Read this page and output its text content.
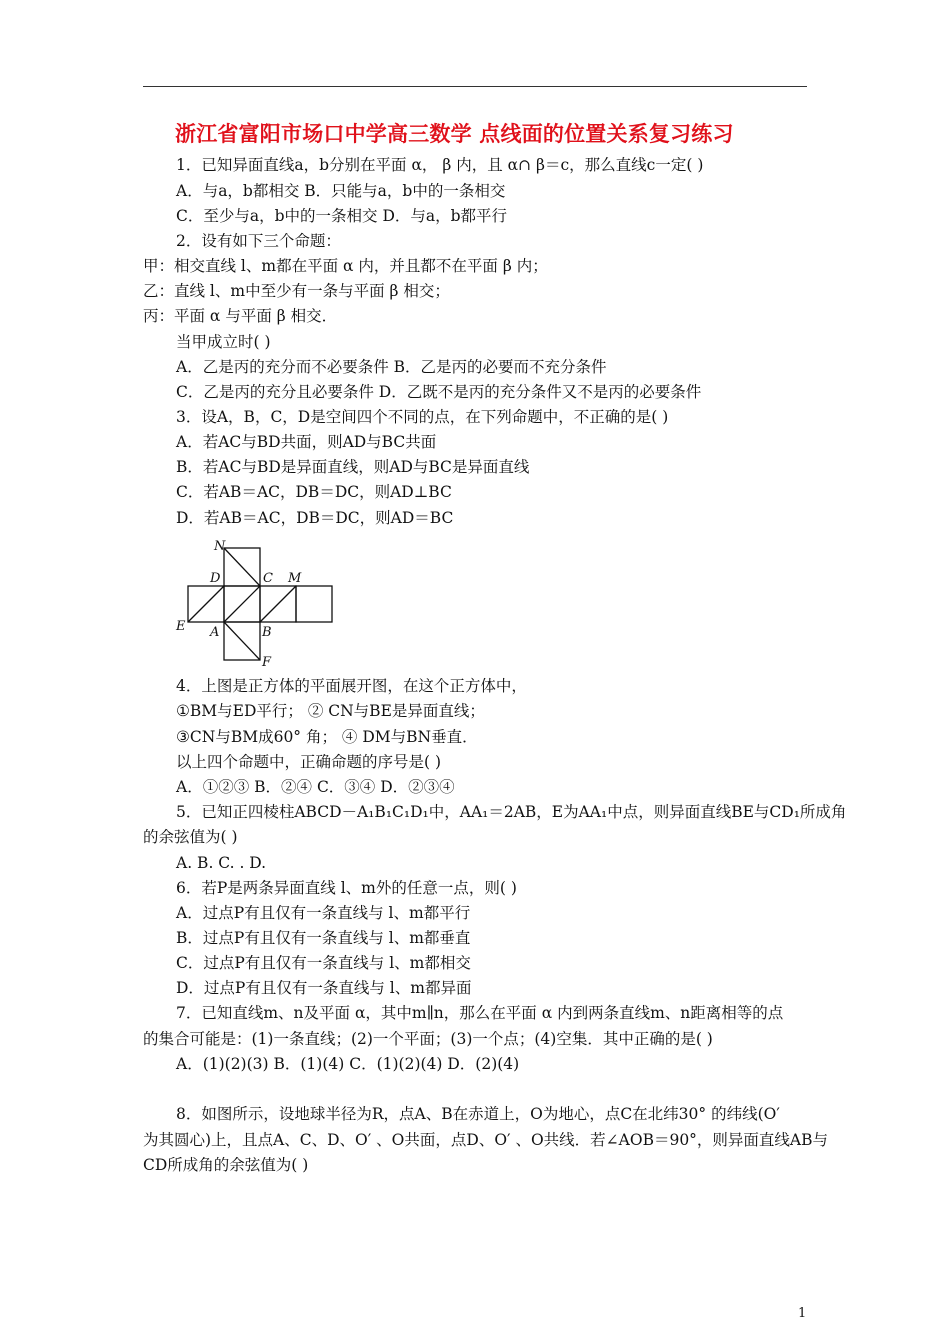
浙江省富阳市场口中学高三数学 点线面的位置关系复习练习
1．已知异面直线a，b分别在平面 α， β 内，且 α∩ β＝c，那么直线c一定( )
A．与a，b都相交 B．只能与a，b中的一条相交
C．至少与a，b中的一条相交 D．与a，b都平行
2．设有如下三个命题：
甲：相交直线 l、m都在平面 α 内，并且都不在平面 β 内；
乙：直线 l、m中至少有一条与平面 β 相交；
丙：平面 α 与平面 β 相交．
当甲成立时( )
A．乙是丙的充分而不必要条件 B．乙是丙的必要而不充分条件
C．乙是丙的充分且必要条件 D．乙既不是丙的充分条件又不是丙的必要条件
3．设A，B，C，D是空间四个不同的点，在下列命题中，不正确的是( )
A．若AC与BD共面，则AD与BC共面
B．若AC与BD是异面直线，则AD与BC是异面直线
C．若AB＝AC，DB＝DC，则AD⊥BC
D．若AB＝AC，DB＝DC，则AD＝BC
4．上图是正方体的平面展开图，在这个正方体中，
①BM与ED平行； ② CN与BE是异面直线；
③CN与BM成60° 角； ④ DM与BN垂直．
以上四个命题中，正确命题的序号是( )
A．①②③ B．②④ C．③④ D．②③④
5．已知正四棱柱ABCD－A₁B₁C₁D₁中，AA₁＝2AB，E为AA₁中点，则异面直线BE与CD₁所成角
的余弦值为( )
A. B. C. . D.
6．若P是两条异面直线 l、m外的任意一点，则( )
A．过点P有且仅有一条直线与 l、m都平行
B．过点P有且仅有一条直线与 l、m都垂直
C．过点P有且仅有一条直线与 l、m都相交
D．过点P有且仅有一条直线与 l、m都异面
7．已知直线m、n及平面 α，其中m∥n，那么在平面 α 内到两条直线m、n距离相等的点
的集合可能是：(1)一条直线；(2)一个平面；(3)一个点；(4)空集．其中正确的是( )
A．(1)(2)(3) B．(1)(4) C．(1)(2)(4) D．(2)(4)
8．如图所示，设地球半径为R，点A、B在赤道上，O为地心，点C在北纬30° 的纬线(O′
为其圆心)上，且点A、C、D、O′ 、O共面，点D、O′ 、O共线．若∠AOB＝90°，则异面直线AB与
CD所成角的余弦值为( )
N
D	C M
E A	B
F
1
